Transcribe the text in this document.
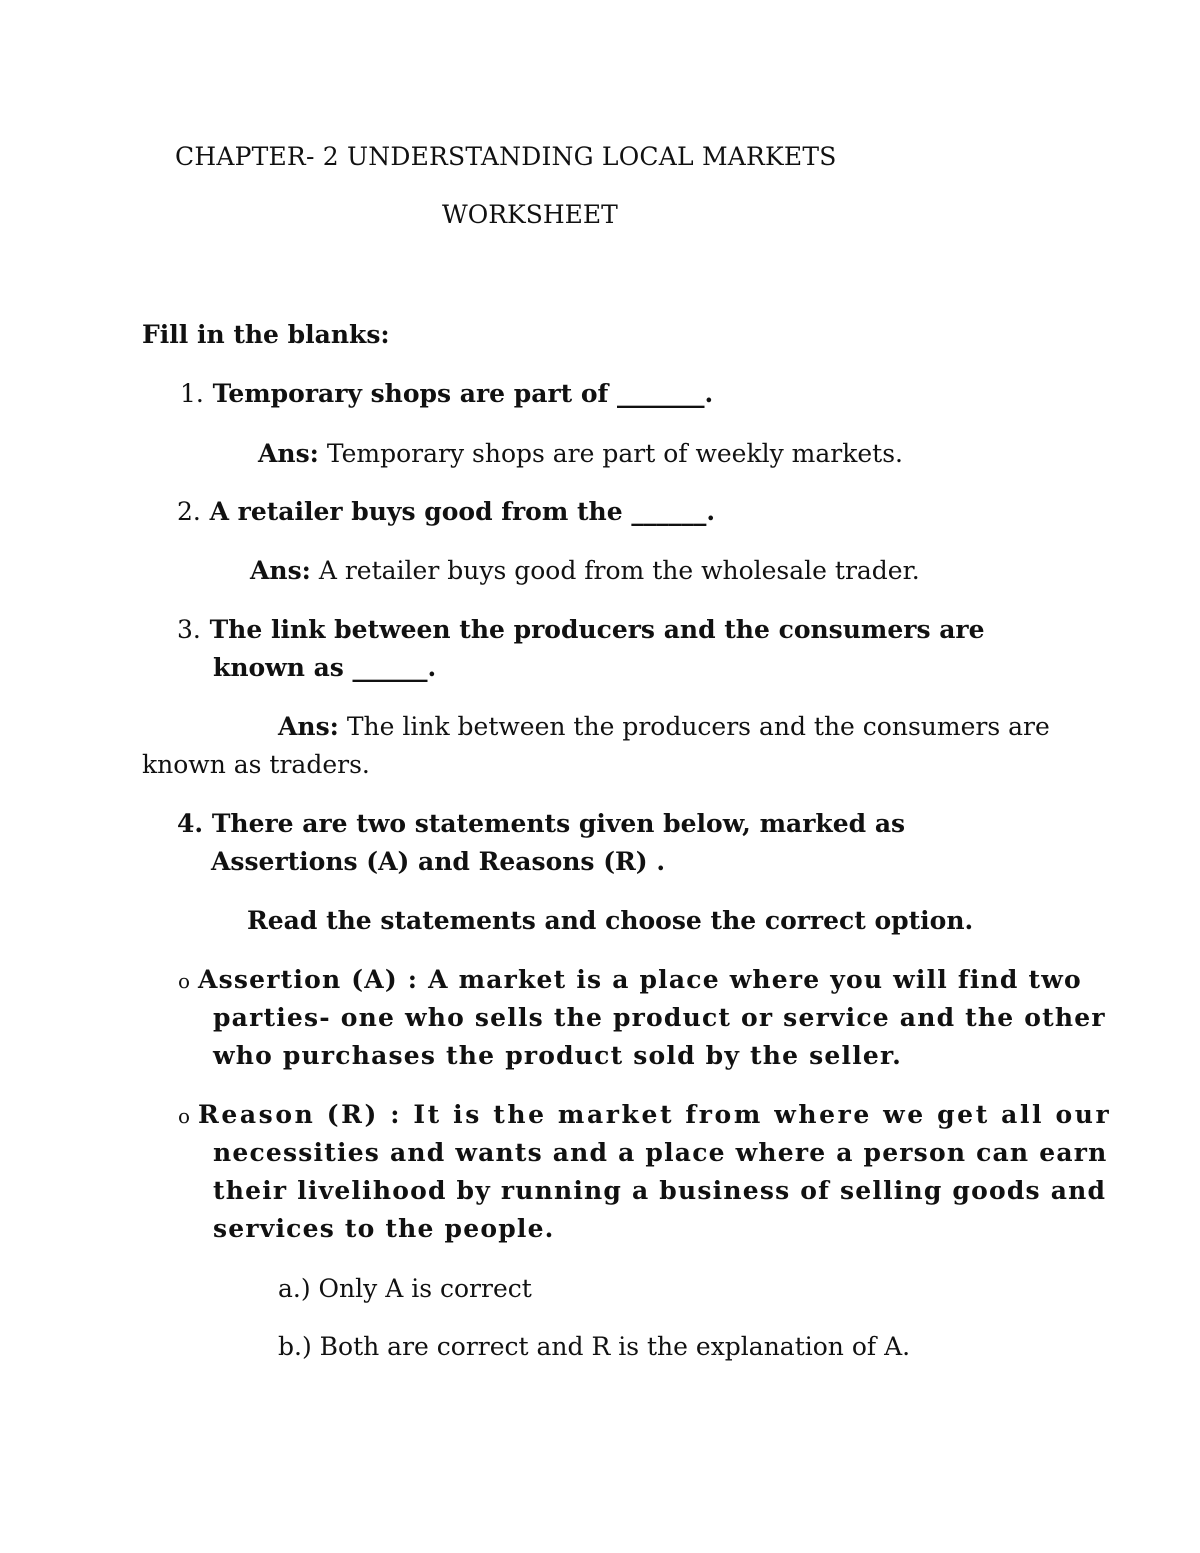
CHAPTER- 2 UNDERSTANDING LOCAL MARKETS
WORKSHEET
Fill in the blanks:
1. Temporary shops are part of _______.
Ans: Temporary shops are part of weekly markets.
2. A retailer buys good from the ______.
Ans: A retailer buys good from the wholesale trader.
3. The link between the producers and the consumers are
known as ______.
Ans: The link between the producers and the consumers are
known as traders.
4. There are two statements given below, marked as
Assertions (A) and Reasons (R) .
Read the statements and choose the correct option.
o Assertion (A) : A market is a place where you will find two
parties- one who sells the product or service and the other
who purchases the product sold by the seller.
o Reason (R) : It is the market from where we get all our
necessities and wants and a place where a person can earn
their livelihood by running a business of selling goods and
services to the people.
a.) Only A is correct
b.) Both are correct and R is the explanation of A.
